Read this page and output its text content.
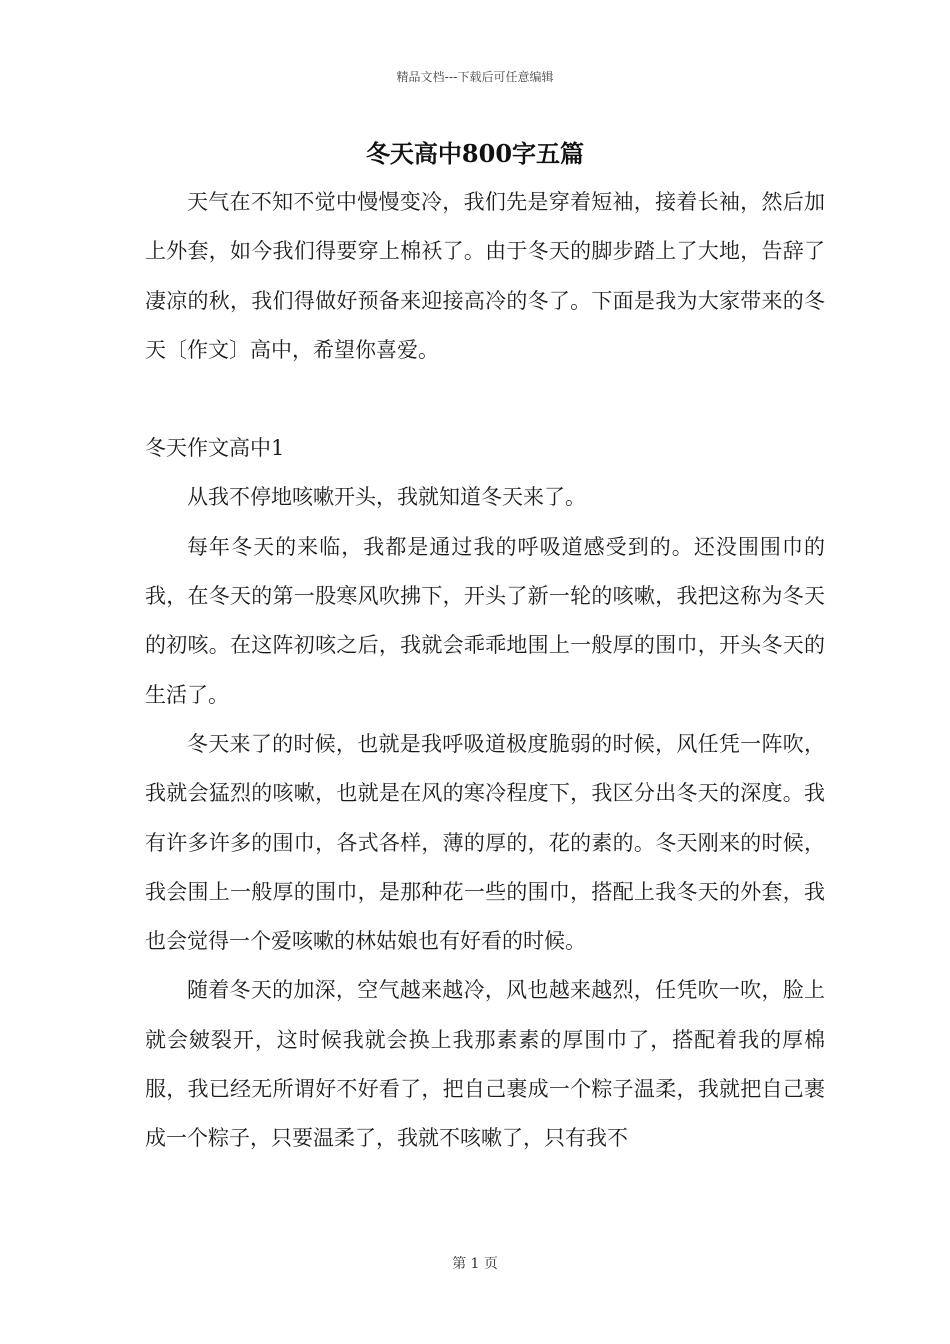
精品文档---下载后可任意编辑
冬天高中800字五篇

天气在不知不觉中慢慢变冷，我们先是穿着短袖，接着长袖，然后加上外套，如今我们得要穿上棉袄了。由于冬天的脚步踏上了大地，告辞了凄凉的秋，我们得做好预备来迎接高冷的冬了。下面是我为大家带来的冬天〔作文〕高中，希望你喜爱。

冬天作文高中1

从我不停地咳嗽开头，我就知道冬天来了。

每年冬天的来临，我都是通过我的呼吸道感受到的。还没围围巾的我，在冬天的第一股寒风吹拂下，开头了新一轮的咳嗽，我把这称为冬天的初咳。在这阵初咳之后，我就会乖乖地围上一般厚的围巾，开头冬天的生活了。

冬天来了的时候，也就是我呼吸道极度脆弱的时候，风任凭一阵吹，我就会猛烈的咳嗽，也就是在风的寒冷程度下，我区分出冬天的深度。我有许多许多的围巾，各式各样，薄的厚的，花的素的。冬天刚来的时候，我会围上一般厚的围巾，是那种花一些的围巾，搭配上我冬天的外套，我也会觉得一个爱咳嗽的林姑娘也有好看的时候。

随着冬天的加深，空气越来越冷，风也越来越烈，任凭吹一吹，脸上就会皴裂开，这时候我就会换上我那素素的厚围巾了，搭配着我的厚棉服，我已经无所谓好不好看了，把自己裹成一个粽子温柔，我就把自己裹成一个粽子，只要温柔了，我就不咳嗽了，只有我不

第 1 页
